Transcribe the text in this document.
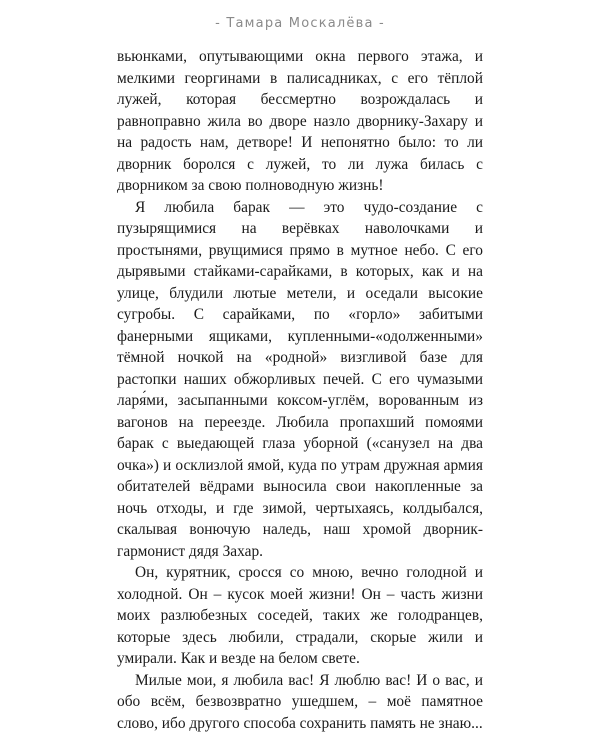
- Тамара Москалёва -

вьюнками, опутывающими окна первого этажа, и мелкими георгинами в палисадниках, с его тёплой лужей, которая бессмертно возрождалась и равноправно жила во дворе назло дворнику-Захару и на радость нам, детворе! И непонятно было: то ли дворник боролся с лужей, то ли лужа билась с дворником за свою полноводную жизнь!

Я любила барак — это чудо-создание с пузырящимися на верёвках наволочками и простынями, рвущимися прямо в мутное небо. С его дырявыми стайками-сарайками, в которых, как и на улице, блудили лютые метели, и оседали высокие сугробы. С сарайками, по «горло» забитыми фанерными ящиками, купленными-«одолженными» тёмной ночкой на «родной» визгливой базе для растопки наших обжорливых печей. С его чумазыми ларя́ми, засыпанными коксом-углём, ворованным из вагонов на переезде. Любила пропахший помоями барак с выедающей глаза уборной («санузел на два очка») и осклизлой ямой, куда по утрам дружная армия обитателей вёдрами выносила свои накопленные за ночь отходы, и где зимой, чертыхаясь, колдыбался, скалывая вонючую наледь, наш хромой дворник-гармонист дядя Захар.

Он, курятник, сросся со мною, вечно голодной и холодной. Он – кусок моей жизни! Он – часть жизни моих разлюбезных соседей, таких же голодранцев, которые здесь любили, страдали, скорые жили и умирали. Как и везде на белом свете.

Милые мои, я любила вас! Я люблю вас! И о вас, и обо всём, безвозвратно ушедшем, – моё памятное слово, ибо другого способа сохранить память не знаю...
